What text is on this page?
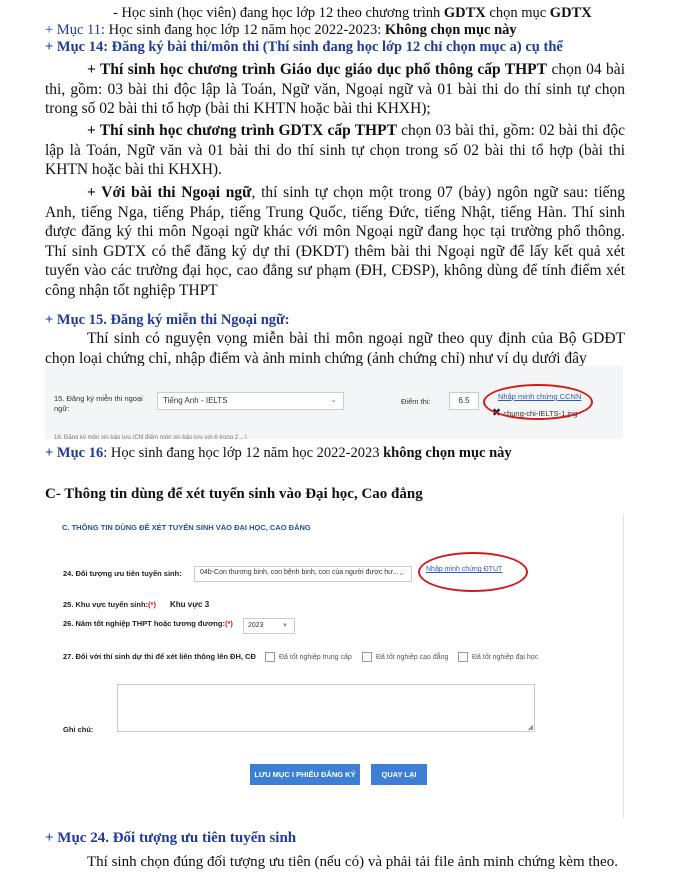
- Học sinh (học viên) đang học lớp 12 theo chương trình GDTX chọn mục GDTX
+ Mục 11: Học sinh đang học lớp 12 năm học 2022-2023: Không chọn mục này
+ Mục 14: Đăng ký bài thi/môn thi (Thí sinh đang học lớp 12 chỉ chọn mục a) cụ thể
+ Thí sinh học chương trình Giáo dục giáo dục phổ thông cấp THPT chọn 04 bài thi, gồm: 03 bài thi độc lập là Toán, Ngữ văn, Ngoại ngữ và 01 bài thi do thí sinh tự chọn trong số 02 bài thi tổ hợp (bài thi KHTN hoặc bài thi KHXH);
+ Thí sinh học chương trình GDTX cấp THPT chọn 03 bài thi, gồm: 02 bài thi độc lập là Toán, Ngữ văn và 01 bài thi do thí sinh tự chọn trong số 02 bài thi tổ hợp (bài thi KHTN hoặc bài thi KHXH).
+ Với bài thi Ngoại ngữ, thí sinh tự chọn một trong 07 (bảy) ngôn ngữ sau: tiếng Anh, tiếng Nga, tiếng Pháp, tiếng Trung Quốc, tiếng Đức, tiếng Nhật, tiếng Hàn. Thí sinh được đăng ký thi môn Ngoại ngữ khác với môn Ngoại ngữ đang học tại trường phổ thông. Thí sinh GDTX có thể đăng ký dự thi (ĐKDT) thêm bài thi Ngoại ngữ để lấy kết quả xét tuyển vào các trường đại học, cao đẳng sư phạm (ĐH, CĐSP), không dùng để tính điểm xét công nhận tốt nghiệp THPT
+ Mục 15. Đăng ký miễn thi Ngoại ngữ:
Thí sinh có nguyện vọng miễn bài thi môn ngoại ngữ theo quy định của Bộ GDĐT chọn loại chứng chỉ, nhập điểm và ảnh minh chứng (ảnh chứng chỉ) như ví dụ dưới đây
15. Đăng ký miễn thi ngoại ngữ:
Tiếng Anh - IELTS	⌄	Điểm thi:	6.5	Nhập minh chứng CCNN
✖ chung-chi-IELTS-1.jpg
16. Đăng ký môn xin bảo lưu (Chỉ điểm môn xin bảo lưu với 6 trong 2 ...)
+ Mục 16: Học sinh đang học lớp 12 năm học 2022-2023 không chọn mục này
C- Thông tin dùng để xét tuyển sinh vào Đại học, Cao đẳng
C. THÔNG TIN DÙNG ĐỂ XÉT TUYỂN SINH VÀO ĐẠI HỌC, CAO ĐẲNG
24. Đối tượng ưu tiên tuyển sinh:	04b-Con thương binh, con bệnh binh, con của người được hư... ⌄	Nhập minh chứng ĐTUT
25. Khu vực tuyển sinh:(*) Khu vực 3
26. Năm tốt nghiệp THPT hoặc tương đương:(*)	2023	▼
27. Đối với thí sinh dự thi để xét liên thông lên ĐH, CĐ	Đã tốt nghiệp trung cấp	Đã tốt nghiệp cao đẳng	Đã tốt nghiệp đại học
◢
Ghi chú:
LƯU MỤC I PHIẾU ĐĂNG KÝ	QUAY LẠI
+ Mục 24. Đối tượng ưu tiên tuyển sinh
Thí sinh chọn đúng đối tượng ưu tiên (nếu có) và phải tải file ảnh minh chứng kèm theo.
